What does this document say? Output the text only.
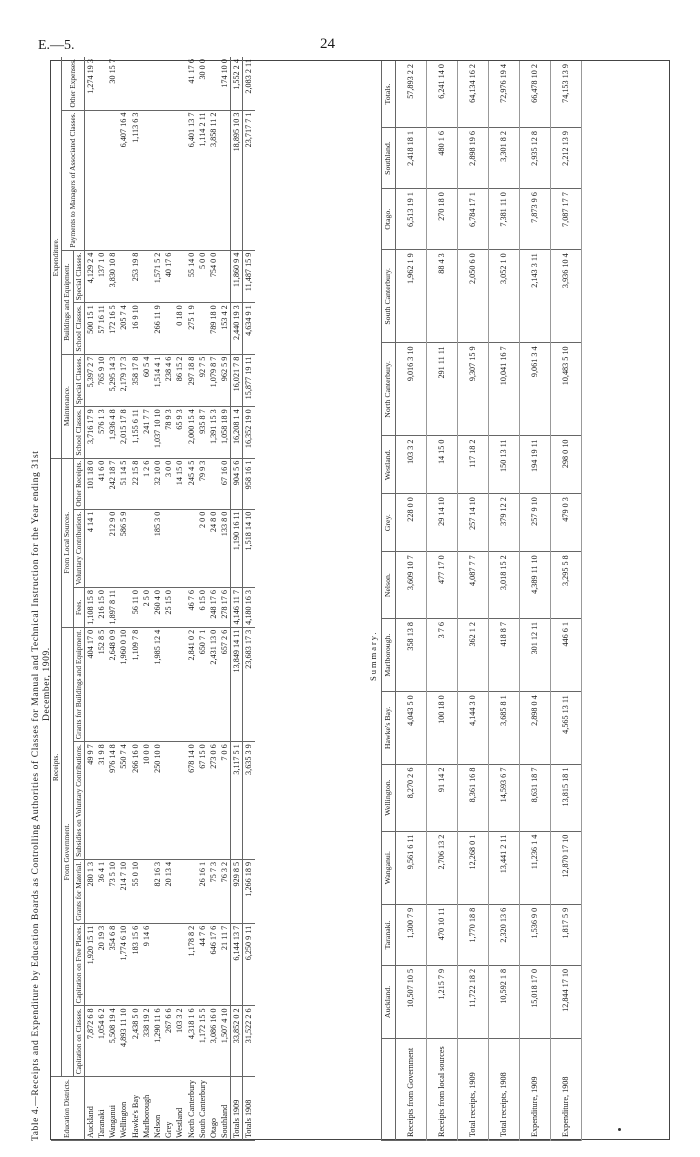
E.—5.	24
Table 4.—Receipts and Expenditure by Education Boards as Controlling Authorities of Classes for Manual and Technical Instruction for the Year ending 31st December, 1909.
Education Districts.	Receipts.								Expenditure.					
	From Government.					From Local Sources.			Maintenance.		Buildings and Equipment.		Payments to Managers of Associated Classes.	Other Expenses.
	Capitation on Classes.	Capitation on Free Places.	Grants for Material.	Subsidies on Voluntary Contributions.	Grants for Buildings and Equipment.	Fees.	Voluntary Contributions.	Other Receipts.	School Classes.	Special Classes.	School Classes.	Special Classes.		
Auckland	7,872 6 8	1,920 15 11	280 1 3	49 9 7	404 17 0	1,108 15 8	4 14 1	101 18 0	3,716 17 9	5,397 2 7	500 15 1	4,129 2 4		1,274 19 3
Taranaki	1,054 6 2	20 19 3	36 4 1	31 9 8	152 8 5	216 15 0		41 6 0	576 1 3	765 9 10	57 16 11	137 1 0		
Wanganui	5,508 19 4	354 6 8	73 5 10	976 14 8	2,648 0 9	1,897 8 11	212 9 0	242 18 7	1,936 4 8	5,295 14 3	172 16 5	3,830 10 8		30 15 7
Wellington	4,893 11 10	1,774 6 10	214 7 10	550 7 4	1,960 0 10		586 5 9	51 14 5	2,015 17 8	2,179 17 3	205 7 4		6,407 16 4	
Hawke's Bay	2,438 5 0	183 15 6	55 0 10	266 16 0	1,109 7 8	56 11 0		22 15 8	1,155 6 11	358 17 8	16 9 10	253 19 8	1,113 6 3	
Marlborough	338 19 2	9 14 6		10 0 0		2 5 0		1 2 6	241 7 7	60 5 4				
Nelson	1,290 11 6		82 16 3	250 10 0	1,985 12 4	260 4 0	185 3 0	32 10 0	1,037 10 10	1,514 4 1	266 11 9	1,571 5 2		
Grey	267 6 6		20 13 4			25 15 0		3 0 0	78 9 3	238 4 6		40 17 6		
Westland	103 3 2							14 15 0	65 9 3	86 15 2	0 18 0			
North Canterbury	4,318 1 6	1,178 8 2		678 14 0	2,841 0 2	46 7 6		245 4 5	2,000 15 4	297 18 8	275 1 9	55 14 0	6,401 13 7	41 17 6
South Canterbury	1,172 15 5	44 7 6	26 16 1	67 15 0	650 7 1	6 15 0	2 0 0	79 9 3	935 8 7	92 7 5		5 0 0	1,114 2 11	30 0 0
Otago	3,086 16 0	646 17 6	75 7 3	273 0 6	2,431 13 0	248 17 6	24 8 0		1,391 15 3	1,079 8 7	789 18 0	754 0 0	3,858 11 2	
Southland	1,507 4 10	21 11 7	76 3 2	7 0 6	657 2 6	278 17 6	133 8 0	67 16 0	1,058 18 9	962 5 9	153 4 2			174 10 0
Totals 1909	33,852 0 2	6,144 13 7	929 8 5	3,117 5 1	13,849 14 11	4,146 11 7	1,190 16 11	904 5 6	16,208 1 4	16,021 7 8	2,440 19 3	11,860 9 4	18,895 10 3	1,552 2 4
Totals 1908	31,522 2 6	6,250 9 11	1,266 18 9	3,635 3 9	23,683 17 3	4,180 16 3	1,518 14 10	958 16 1	16,352 19 0	15,877 19 11	4,634 9 1	11,487 15 9	23,717 7 1	2,083 2 11
Summary.
	Auckland.	Taranaki.	Wanganui.	Wellington.	Hawke's Bay.	Marlborough.	Nelson.	Grey.	Westland.	North Canterbury.	South Canterbury.	Otago.	Southland.	Totals.
Receipts from Government	10,507 10 5	1,300 7 9	9,561 6 11	8,270 2 6	4,043 5 0	358 13 8	3,609 10 7	228 0 0	103 3 2	9,016 3 10	1,962 1 9	6,513 19 1	2,418 18 1	57,893 2 2
Receipts from local sources	1,215 7 9	470 10 11	2,706 13 2	91 14 2	100 18 0	3 7 6	477 17 0	29 14 10	14 15 0	291 11 11	88 4 3	270 18 0	480 1 6	6,241 14 0
Total receipts, 1909	11,722 18 2	1,770 18 8	12,268 0 1	8,361 16 8	4,144 3 0	362 1 2	4,087 7 7	257 14 10	117 18 2	9,307 15 9	2,050 6 0	6,784 17 1	2,898 19 6	64,134 16 2
Total receipts, 1908	10,592 1 8	2,320 13 6	13,441 2 11	14,593 6 7	3,685 8 1	418 8 7	3,018 15 2	379 12 2	150 13 11	10,041 16 7	3,052 1 0	7,381 11 0	3,301 8 2	72,976 19 4
Expenditure, 1909	15,018 17 0	1,536 9 0	11,236 1 4	8,631 18 7	2,898 0 4	301 12 11	4,389 11 10	257 9 10	194 19 11	9,061 3 4	2,143 3 11	7,873 9 6	2,935 12 8	66,478 10 2
Expenditure, 1908	12,844 17 10	1,817 5 9	12,870 17 10	13,815 18 1	4,565 13 11	446 6 1	3,295 5 8	479 0 3	298 0 10	10,483 5 10	3,936 10 4	7,087 17 7	2,212 13 9	74,153 13 9
